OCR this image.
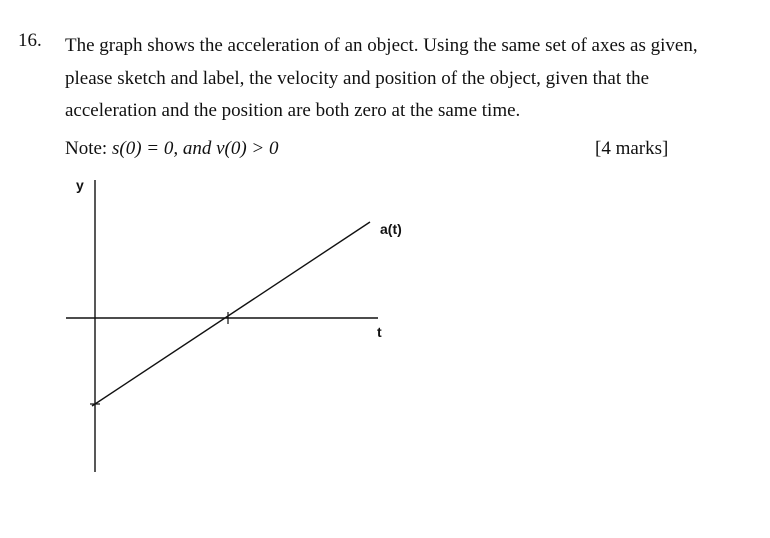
16. The graph shows the acceleration of an object. Using the same set of axes as given,
please sketch and label, the velocity and position of the object, given that the
acceleration and the position are both zero at the same time.
Note: s(0) = 0, and v(0) > 0	[4 marks]
y
t
a(t)
